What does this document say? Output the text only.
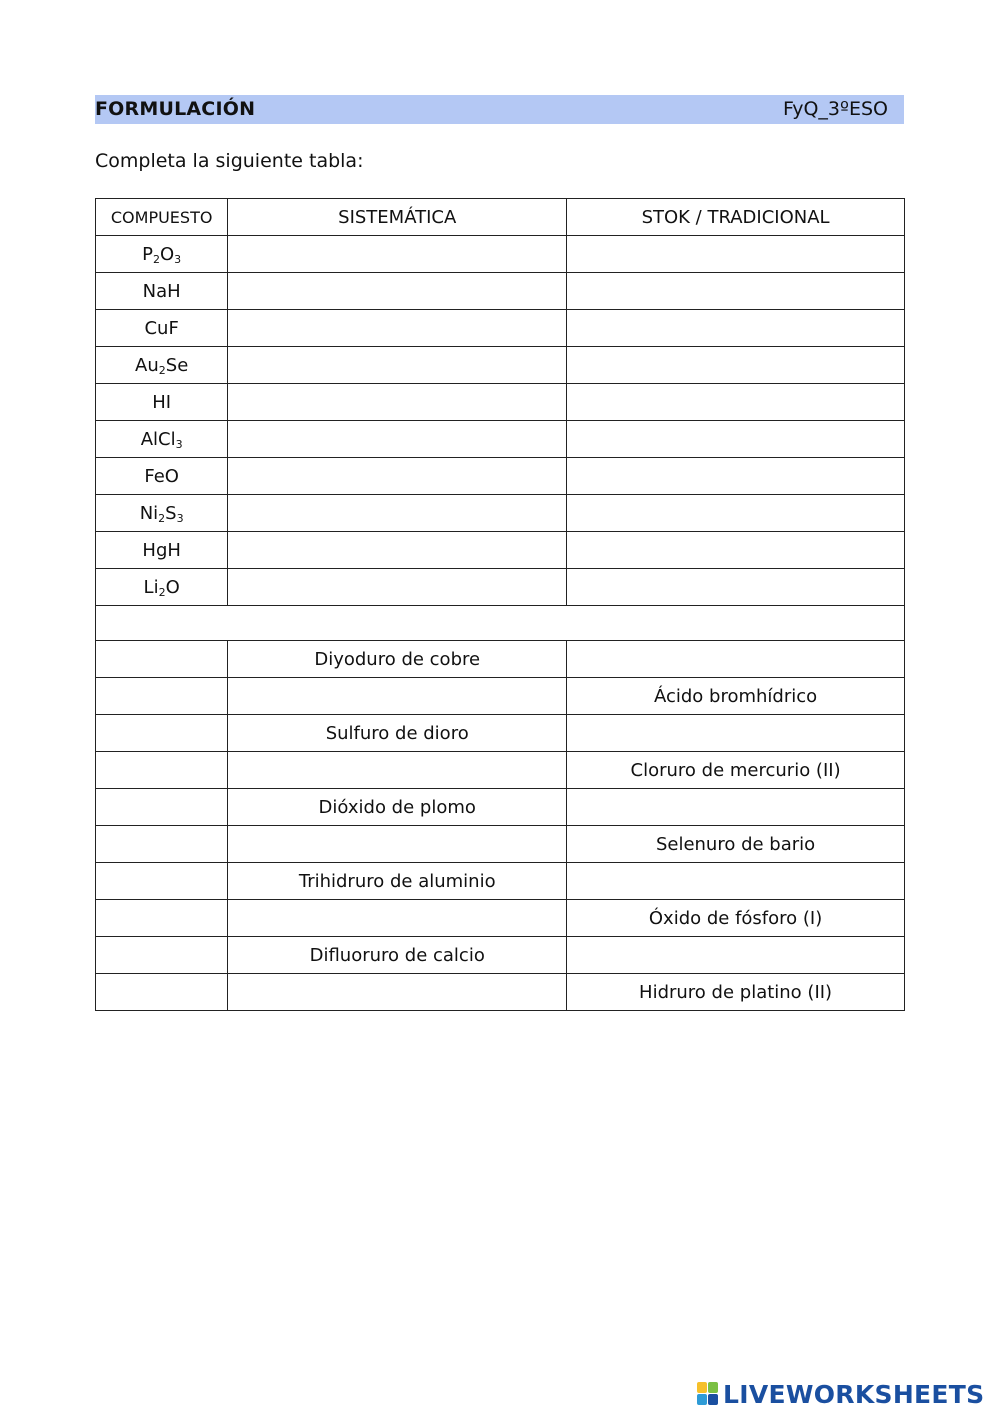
FORMULACIÓN	FyQ_3ºESO
Completa la siguiente tabla:
COMPUESTO	SISTEMÁTICA	STOK / TRADICIONAL
$P_2O_3$		
NaH		
CuF		
$Au_2Se$		
HI		
AlCl$_3$		
FeO		
$Ni_2S_3$		
HgH		
$Li_2O$		

	Diyoduro de cobre	
		Ácido bromhídrico
	Sulfuro de dioro	
		Cloruro de mercurio (II)
	Dióxido de plomo	
		Selenuro de bario
	Trihidruro de aluminio	
		Óxido de fósforo (I)
	Difluoruro de calcio	
		Hidruro de platino (II)
LIVEWORKSHEETS
